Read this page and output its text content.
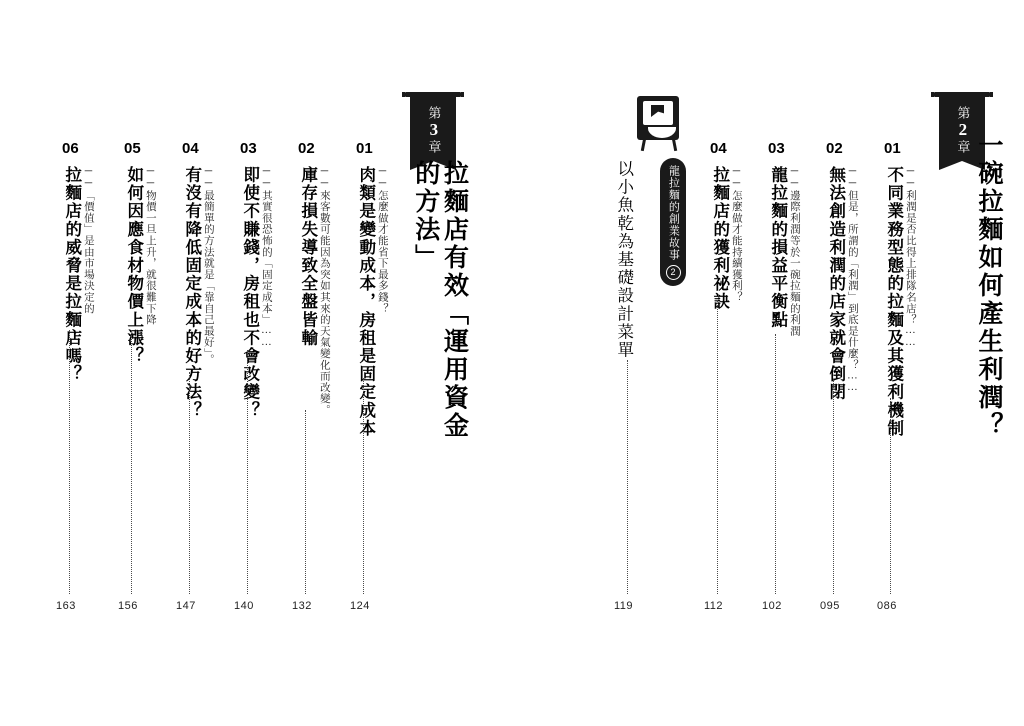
第2章 一碗拉麵如何產生利潤？
01
不同業務型態的拉麵及其獲利機制 ──利潤是否比得上排隊名店？……
086
02
無法創造利潤的店家就會倒閉 ──但是，所謂的「利潤」到底是什麼？……
095
03
龍拉麵的損益平衡點 ──邊際利潤等於一碗拉麵的利潤
102
04
拉麵店的獲利祕訣 ──怎麼做才能持續獲利？
112
龍拉麵的創業故事
2
以小魚乾為基礎設計菜單
119
第3章
拉麵店有效「運用資金的方法」
01
肉類是變動成本，房租是固定成本 ──怎麼做才能省下最多錢？
124
02
庫存損失導致全盤皆輸 ──來客數可能因為突如其來的天氣變化而改變。
132
03
即使不賺錢，房租也不會改變？ ──其實很恐怖的「固定成本」……
140
04
有沒有降低固定成本的好方法？ ──最簡單的方法就是「靠自己最好」。
147
05
如何因應食材物價上漲？ ──物價一旦上升，就很難下降
156
06
拉麵店的威脅是拉麵店嗎？ ──「價值」是由市場決定的
163
